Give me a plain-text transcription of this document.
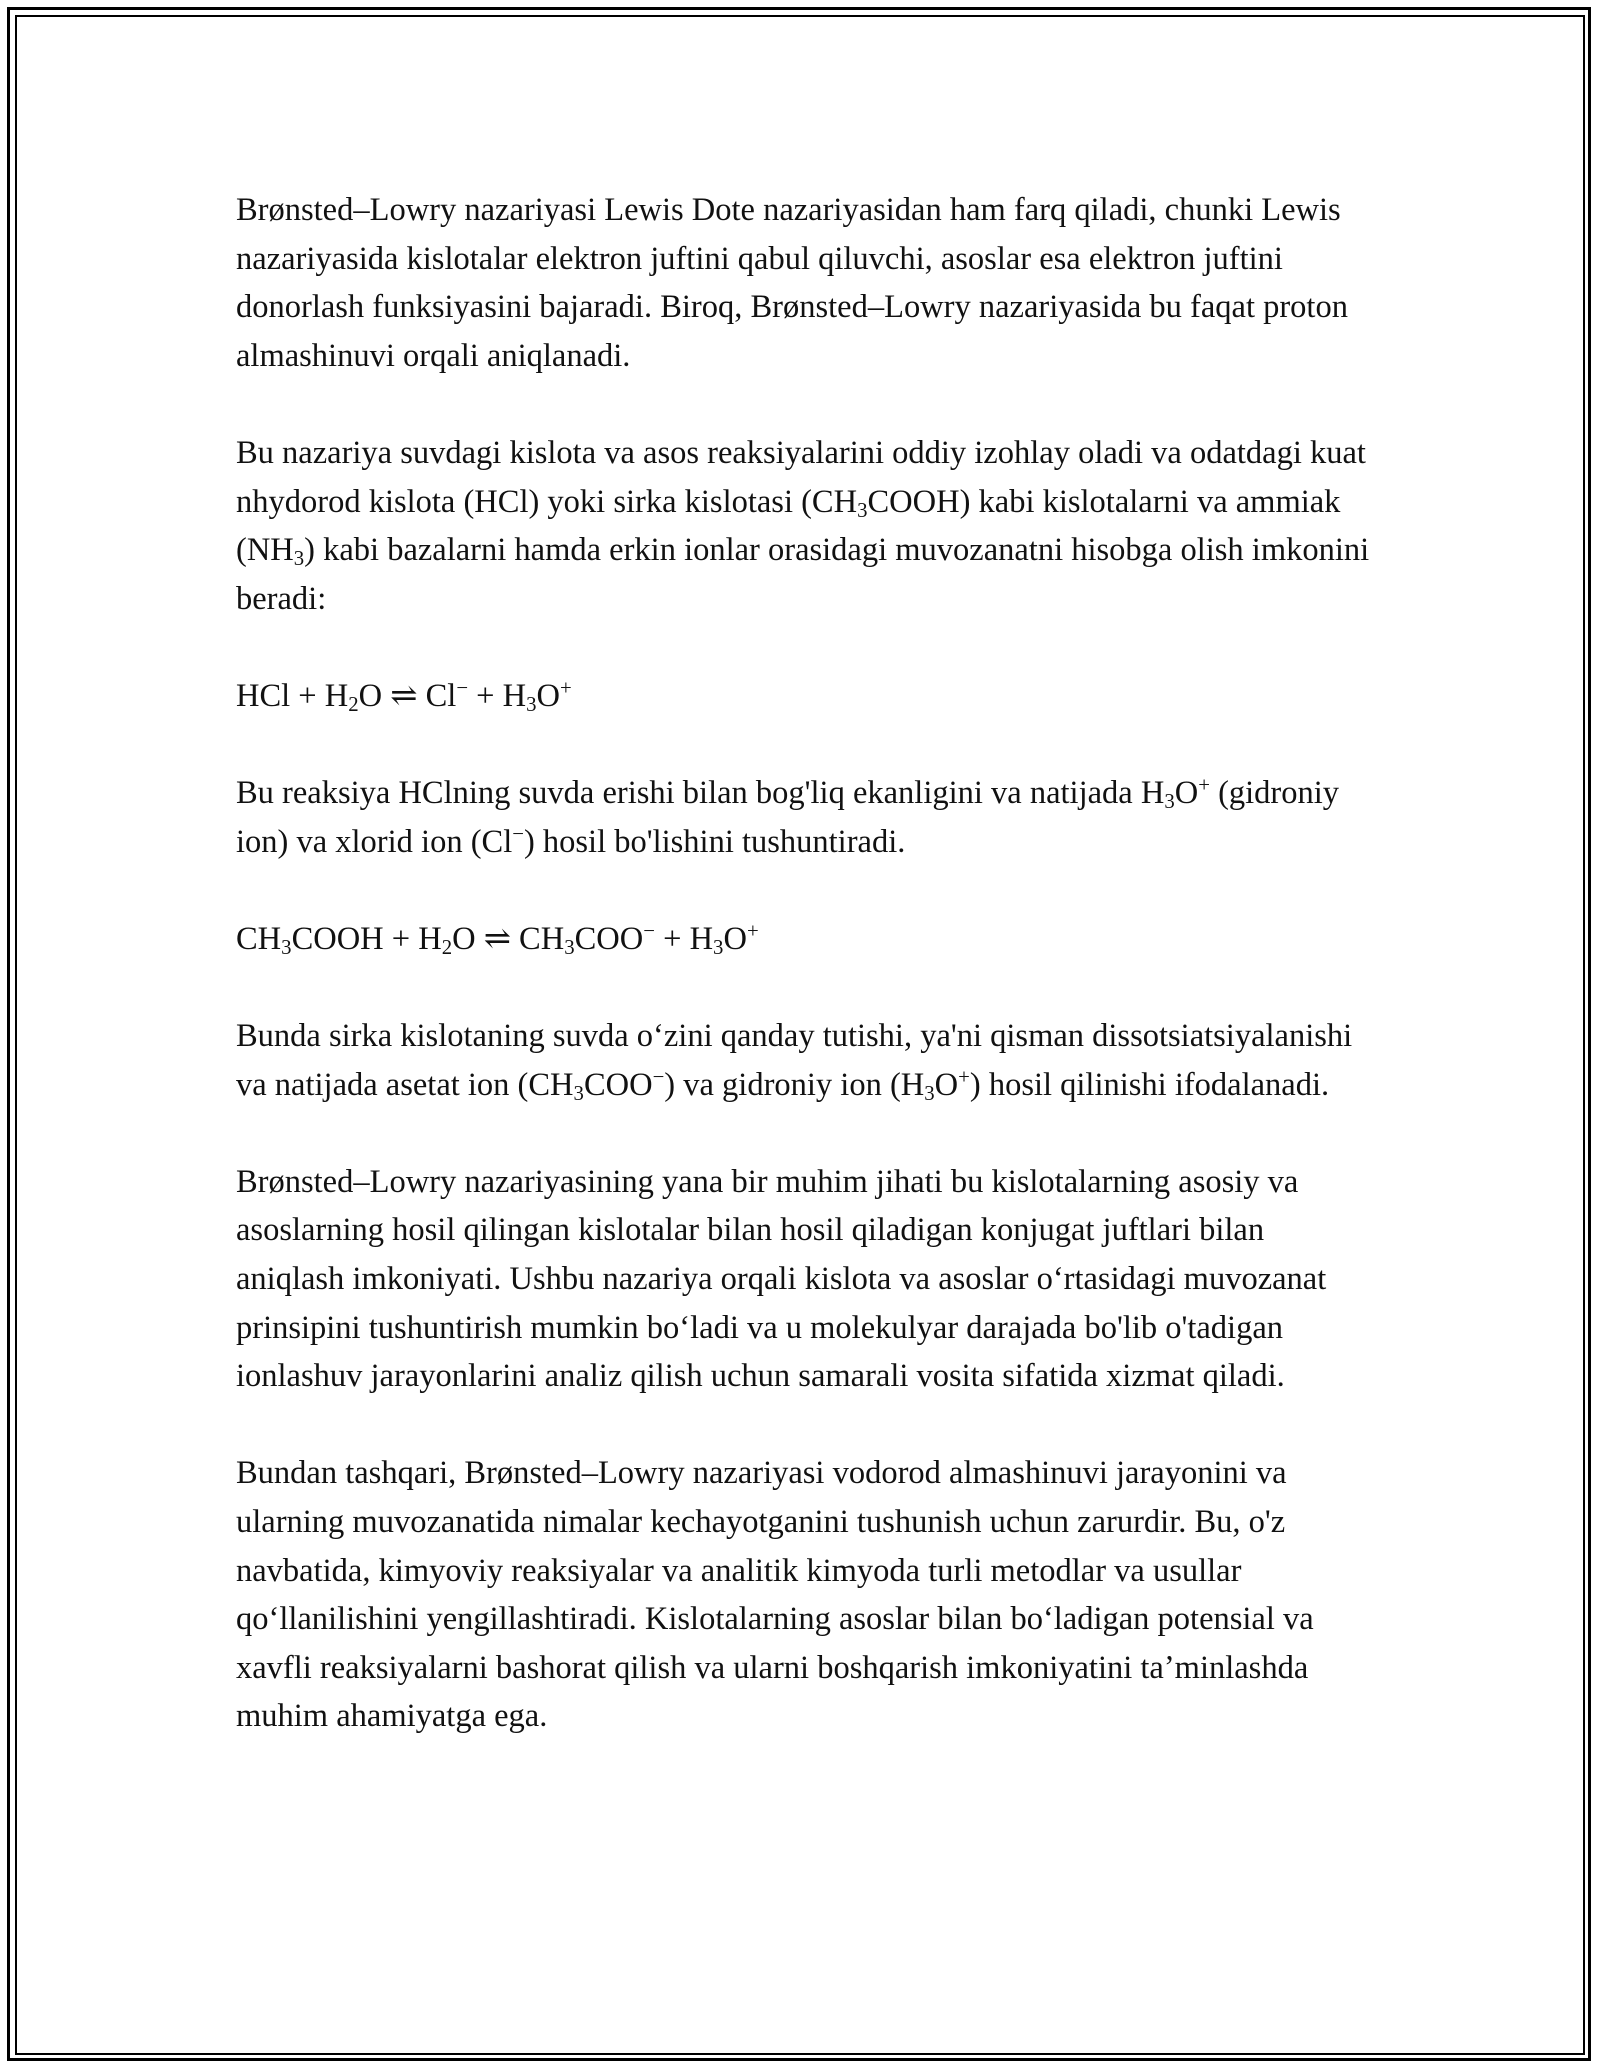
Brønsted–Lowry nazariyasi Lewis Dote nazariyasidan ham farq qiladi, chunki Lewis nazariyasida kislotalar elektron juftini qabul qiluvchi, asoslar esa elektron juftini donorlash funksiyasini bajaradi. Biroq, Brønsted–Lowry nazariyasida bu faqat proton almashinuvi orqali aniqlanadi.

Bu nazariya suvdagi kislota va asos reaksiyalarini oddiy izohlay oladi va odatdagi kuat nhydorod kislota (HCl) yoki sirka kislotasi $(CH_3COOH)$ kabi kislotalarni va ammiak $(NH_3)$ kabi bazalarni hamda erkin ionlar orasidagi muvozanatni hisobga olish imkonini beradi:

HCl + $H_2O$ ⇌ $Cl^- + H_3O^+$

Bu reaksiya HClning suvda erishi bilan bog'liq ekanligini va natijada $H_3O^+$ (gidroniy ion) va xlorid ion (Cl−) hosil bo'lishini tushuntiradi.

$CH_3COOH + H_2O$ ⇌ $CH_3COO^- + H_3O^+$

Bunda sirka kislotaning suvda oʻzini qanday tutishi, ya'ni qisman dissotsiatsiyalanishi va natijada asetat ion $(CH_3COO^-)$ va gidroniy ion $(H_3O^+)$ hosil qilinishi ifodalanadi.

Brønsted–Lowry nazariyasining yana bir muhim jihati bu kislotalarning asosiy va asoslarning hosil qilingan kislotalar bilan hosil qiladigan konjugat juftlari bilan aniqlash imkoniyati. Ushbu nazariya orqali kislota va asoslar oʻrtasidagi muvozanat prinsipini tushuntirish mumkin boʻladi va u molekulyar darajada bo'lib o'tadigan ionlashuv jarayonlarini analiz qilish uchun samarali vosita sifatida xizmat qiladi.

Bundan tashqari, Brønsted–Lowry nazariyasi vodorod almashinuvi jarayonini va ularning muvozanatida nimalar kechayotganini tushunish uchun zarurdir. Bu, o'z navbatida, kimyoviy reaksiyalar va analitik kimyoda turli metodlar va usullar qoʻllanilishini yengillashtiradi. Kislotalarning asoslar bilan boʻladigan potensial va xavfli reaksiyalarni bashorat qilish va ularni boshqarish imkoniyatini taʼminlashda muhim ahamiyatga ega.
